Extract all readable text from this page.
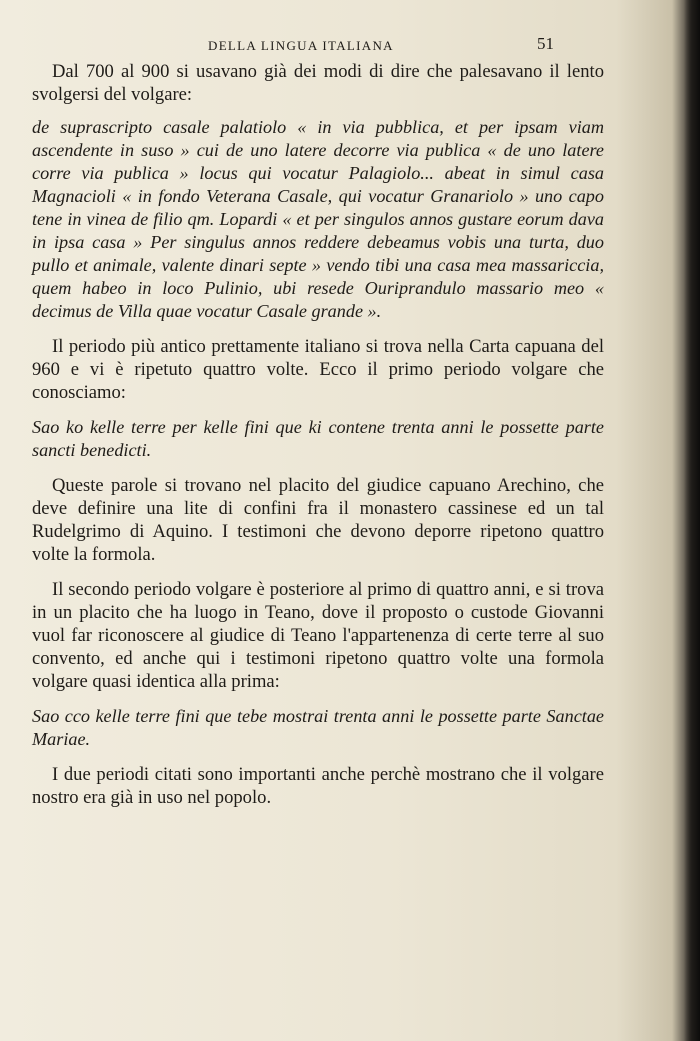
DELLA LINGUA ITALIANA	51

Dal 700 al 900 si usavano già dei modi di dire che palesavano il lento svolgersi del volgare:

de suprascripto casale palatiolo « in via pubblica, et per ipsam viam ascendente in suso » cui de uno latere decorre via publica « de uno latere corre via publica » locus qui vocatur Palagiolo... abeat in simul casa Magnacioli « in fondo Veterana Casale, qui vocatur Granariolo » uno capo tene in vinea de filio qm. Lopardi « et per singulos annos gustare eorum dava in ipsa casa » Per singulus annos reddere debeamus vobis una turta, duo pullo et animale, valente dinari septe » vendo tibi una casa mea massariccia, quem habeo in loco Pulinio, ubi resede Ouriprandulo massario meo « decimus de Villa quae vocatur Casale grande ».

Il periodo più antico prettamente italiano si trova nella Carta capuana del 960 e vi è ripetuto quattro volte. Ecco il primo periodo volgare che conosciamo:

Sao ko kelle terre per kelle fini que ki contene trenta anni le possette parte sancti benedicti.

Queste parole si trovano nel placito del giudice capuano Arechino, che deve definire una lite di confini fra il monastero cassinese ed un tal Rudelgrimo di Aquino. I testimoni che devono deporre ripetono quattro volte la formola.

Il secondo periodo volgare è posteriore al primo di quattro anni, e si trova in un placito che ha luogo in Teano, dove il proposto o custode Giovanni vuol far riconoscere al giudice di Teano l'appartenenza di certe terre al suo convento, ed anche qui i testimoni ripetono quattro volte una formola volgare quasi identica alla prima:

Sao cco kelle terre fini que tebe mostrai trenta anni le possette parte Sanctae Mariae.

I due periodi citati sono importanti anche perchè mostrano che il volgare nostro era già in uso nel popolo.
